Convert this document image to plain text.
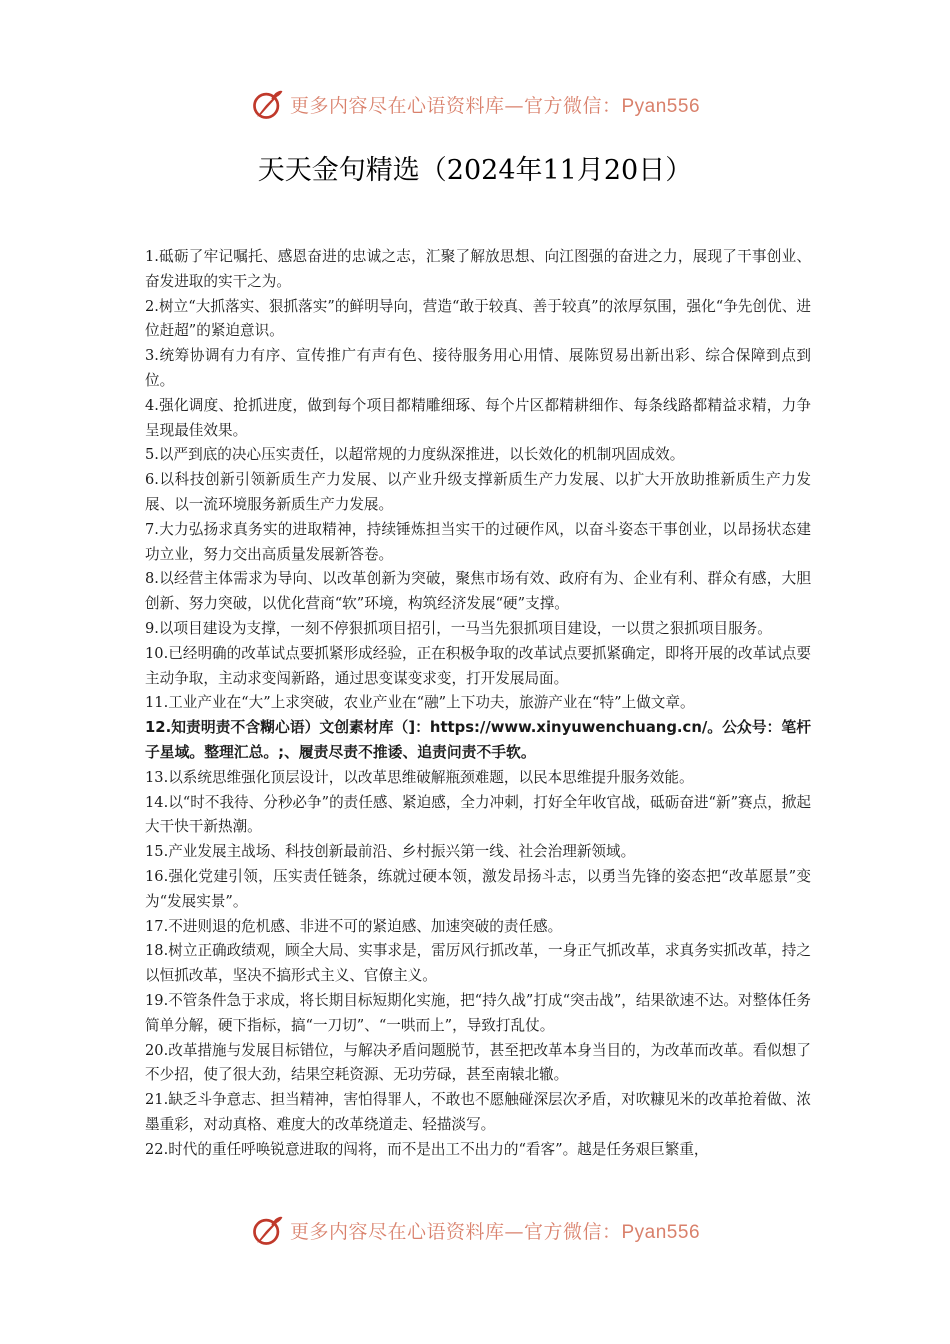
更多内容尽在心语资料库—官方微信：Pyan556
天天金句精选（2024年11月20日）

1.砥砺了牢记嘱托、感恩奋进的忠诚之志，汇聚了解放思想、向江图强的奋进之力，展现了干事创业、奋发进取的实干之为。

2.树立“大抓落实、狠抓落实”的鲜明导向，营造“敢于较真、善于较真”的浓厚氛围，强化“争先创优、进位赶超”的紧迫意识。

3.统筹协调有力有序、宣传推广有声有色、接待服务用心用情、展陈贸易出新出彩、综合保障到点到位。

4.强化调度、抢抓进度，做到每个项目都精雕细琢、每个片区都精耕细作、每条线路都精益求精，力争呈现最佳效果。

5.以严到底的决心压实责任，以超常规的力度纵深推进，以长效化的机制巩固成效。

6.以科技创新引领新质生产力发展、以产业升级支撑新质生产力发展、以扩大开放助推新质生产力发展、以一流环境服务新质生产力发展。

7.大力弘扬求真务实的进取精神，持续锤炼担当实干的过硬作风，以奋斗姿态干事创业，以昂扬状态建功立业，努力交出高质量发展新答卷。

8.以经营主体需求为导向、以改革创新为突破，聚焦市场有效、政府有为、企业有利、群众有感，大胆创新、努力突破，以优化营商“软”环境，构筑经济发展“硬”支撑。

9.以项目建设为支撑，一刻不停狠抓项目招引，一马当先狠抓项目建设，一以贯之狠抓项目服务。

10.已经明确的改革试点要抓紧形成经验，正在积极争取的改革试点要抓紧确定，即将开展的改革试点要主动争取，主动求变闯新路，通过思变谋变求变，打开发展局面。

11.工业产业在“大”上求突破，农业产业在“融”上下功夫，旅游产业在“特”上做文章。

12.知责明责不含糊心语）文创素材库（]：https://www.xinyuwenchuang.cn/。公众号：笔杆子星域。整理汇总。;、履责尽责不推诿、追责问责不手软。

13.以系统思维强化顶层设计，以改革思维破解瓶颈难题，以民本思维提升服务效能。

14.以“时不我待、分秒必争”的责任感、紧迫感，全力冲刺，打好全年收官战，砥砺奋进“新”赛点，掀起大干快干新热潮。

15.产业发展主战场、科技创新最前沿、乡村振兴第一线、社会治理新领域。

16.强化党建引领，压实责任链条，练就过硬本领，激发昂扬斗志，以勇当先锋的姿态把“改革愿景”变为“发展实景”。

17.不进则退的危机感、非进不可的紧迫感、加速突破的责任感。

18.树立正确政绩观，顾全大局、实事求是，雷厉风行抓改革，一身正气抓改革，求真务实抓改革，持之以恒抓改革，坚决不搞形式主义、官僚主义。

19.不管条件急于求成，将长期目标短期化实施，把“持久战”打成“突击战”，结果欲速不达。对整体任务简单分解，硬下指标，搞“一刀切”、“一哄而上”，导致打乱仗。

20.改革措施与发展目标错位，与解决矛盾问题脱节，甚至把改革本身当目的，为改革而改革。看似想了不少招，使了很大劲，结果空耗资源、无功劳碌，甚至南辕北辙。

21.缺乏斗争意志、担当精神，害怕得罪人，不敢也不愿触碰深层次矛盾，对吹糠见米的改革抢着做、浓墨重彩，对动真格、难度大的改革绕道走、轻描淡写。

22.时代的重任呼唤锐意进取的闯将，而不是出工不出力的“看客”。越是任务艰巨繁重，

更多内容尽在心语资料库—官方微信：Pyan556
